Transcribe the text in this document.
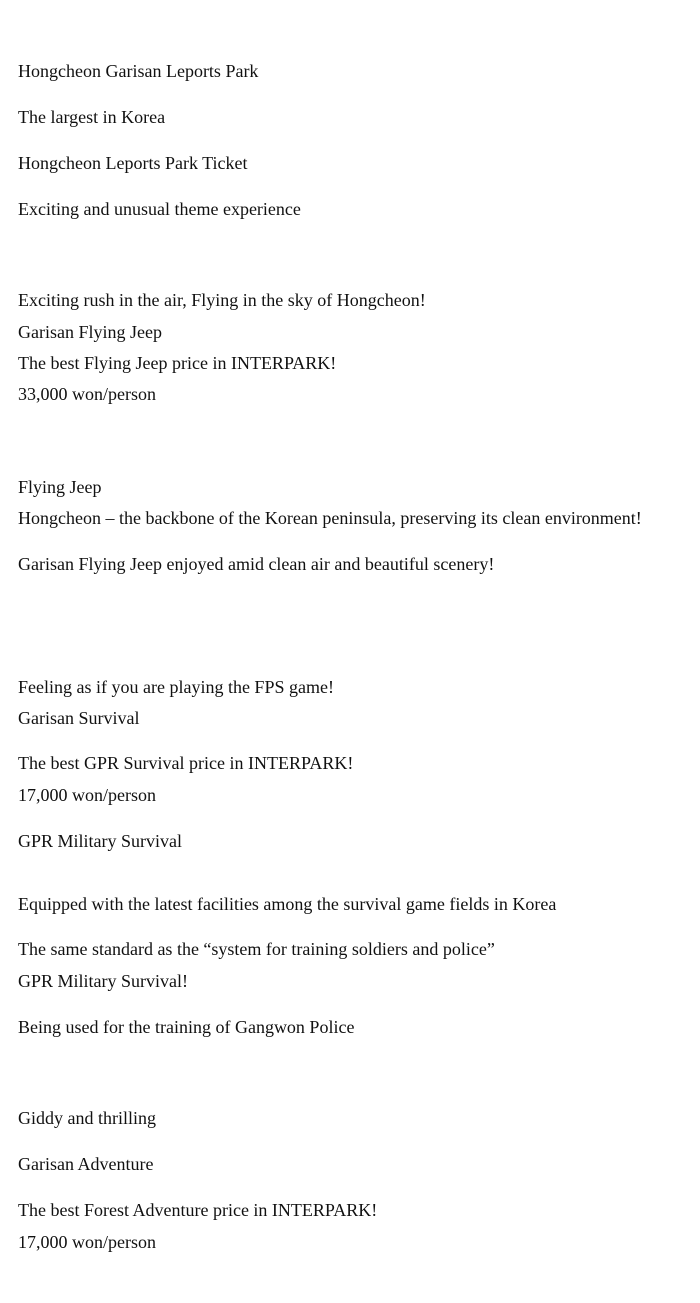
Hongcheon Garisan Leports Park

The largest in Korea

Hongcheon Leports Park Ticket

Exciting and unusual theme experience

Exciting rush in the air, Flying in the sky of Hongcheon!

Garisan Flying Jeep

The best Flying Jeep price in INTERPARK!

33,000 won/person

Flying Jeep

Hongcheon – the backbone of the Korean peninsula, preserving its clean environment!

Garisan Flying Jeep enjoyed amid clean air and beautiful scenery!

Feeling as if you are playing the FPS game!

Garisan Survival

The best GPR Survival price in INTERPARK!

17,000 won/person

GPR Military Survival

Equipped with the latest facilities among the survival game fields in Korea

The same standard as the “system for training soldiers and police”

GPR Military Survival!

Being used for the training of Gangwon Police

Giddy and thrilling

Garisan Adventure

The best Forest Adventure price in INTERPARK!

17,000 won/person
